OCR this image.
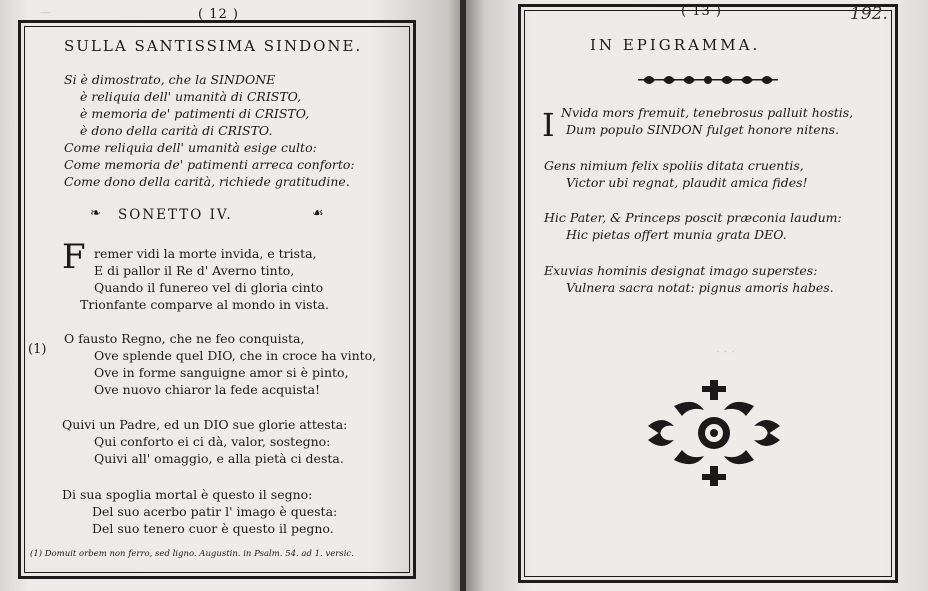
—	( 12 )
SULLA SANTISSIMA SINDONE.
Si è dimostrato, che la SINDONE
è reliquia dell' umanità di CRISTO,
è memoria de' patimenti di CRISTO,
è dono della carità di CRISTO.
Come reliquia dell' umanità esige culto:
Come memoria de' patimenti arreca conforto:
Come dono della carità, richiede gratitudine.
❧ SONETTO IV.	☙
F remer vidi la morte invida, e trista,
E di pallor il Re d' Averno tinto,
Quando il funereo vel di gloria cinto
Trionfante comparve al mondo in vista.
(1)
O fausto Regno, che ne feo conquista,
Ove splende quel DIO, che in croce ha vinto,
Ove in forme sanguigne amor si è pinto,
Ove nuovo chiaror la fede acquista!
Quivi un Padre, ed un DIO sue glorie attesta:
Qui conforto ei ci dà, valor, sostegno:
Quivi all' omaggio, e alla pietà ci desta.
Di sua spoglia mortal è questo il segno:
Del suo acerbo patir l' imago è questa:
Del suo tenero cuor è questo il pegno.
(1) Domuit orbem non ferro, sed ligno. Augustin. in Psalm. 54. ad 1. versic.
( 13 )	192.
IN EPIGRAMMA.
I Nvida mors fremuit, tenebrosus palluit hostis,
Dum populo SINDON fulget honore nitens.
Gens nimium felix spoliis ditata cruentis,
Victor ubi regnat, plaudit amica fides!
Hic Pater, & Princeps poscit præconia laudum:
Hic pietas offert munia grata DEO.
Exuvias hominis designat imago superstes:
Vulnera sacra notat: pignus amoris habes.
· · ·
